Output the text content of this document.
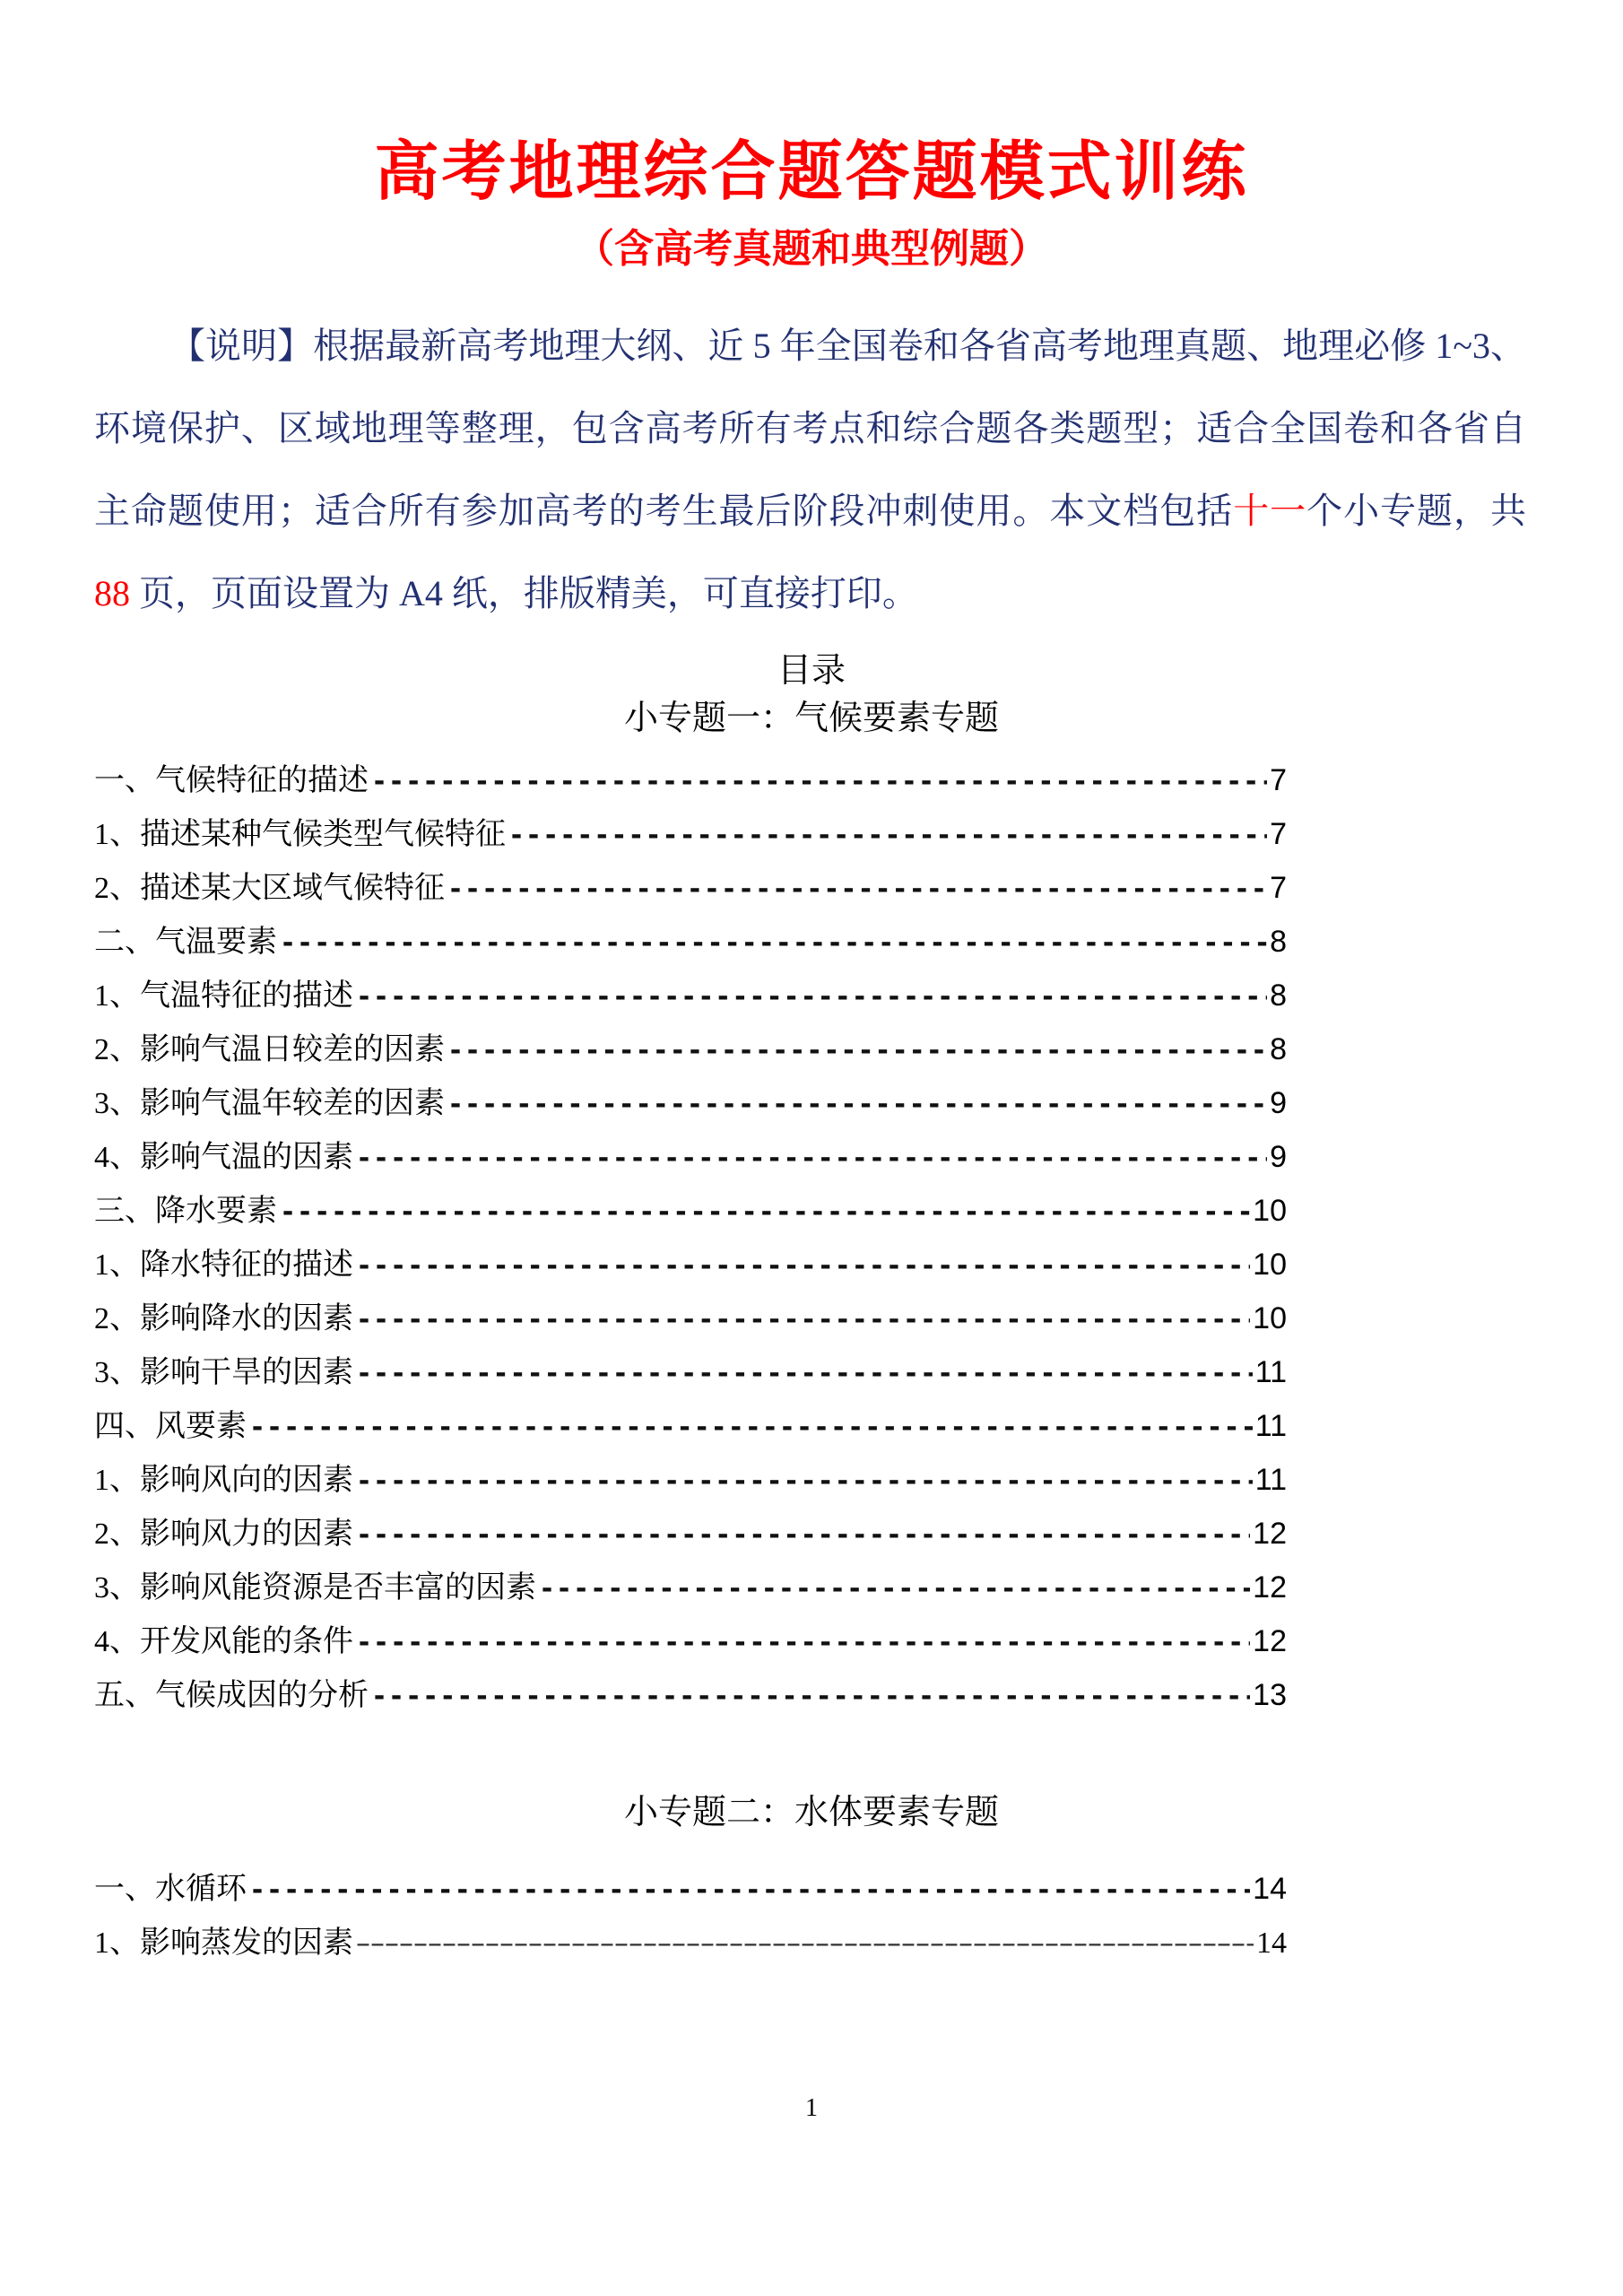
高考地理综合题答题模式训练
（含高考真题和典型例题）
【说明】根据最新高考地理大纲、近 5 年全国卷和各省高考地理真题、地理必修 1~3、环境保护、区域地理等整理，包含高考所有考点和综合题各类题型；适合全国卷和各省自主命题使用；适合所有参加高考的考生最后阶段冲刺使用。本文档包括十一个小专题，共 88 页，页面设置为 A4 纸，排版精美，可直接打印。
目录
小专题一：气候要素专题
一、气候特征的描述 -----	7
1、描述某种气候类型气候特征 -----	7
2、描述某大区域气候特征 -----	7
二、气温要素 -----	8
1、气温特征的描述 -----	8
2、影响气温日较差的因素 -----	8
3、影响气温年较差的因素 -----	9
4、影响气温的因素 -----	9
三、降水要素 -----	10
1、降水特征的描述 -----	10
2、影响降水的因素 -----	10
3、影响干旱的因素 -----	11
四、风要素 -----	11
1、影响风向的因素 -----	11
2、影响风力的因素 -----	12
3、影响风能资源是否丰富的因素 -----	12
4、开发风能的条件 -----	12
五、气候成因的分析 -----	13
小专题二：水体要素专题
一、水循环 -----	14
1、影响蒸发的因素 –––––	14
1
